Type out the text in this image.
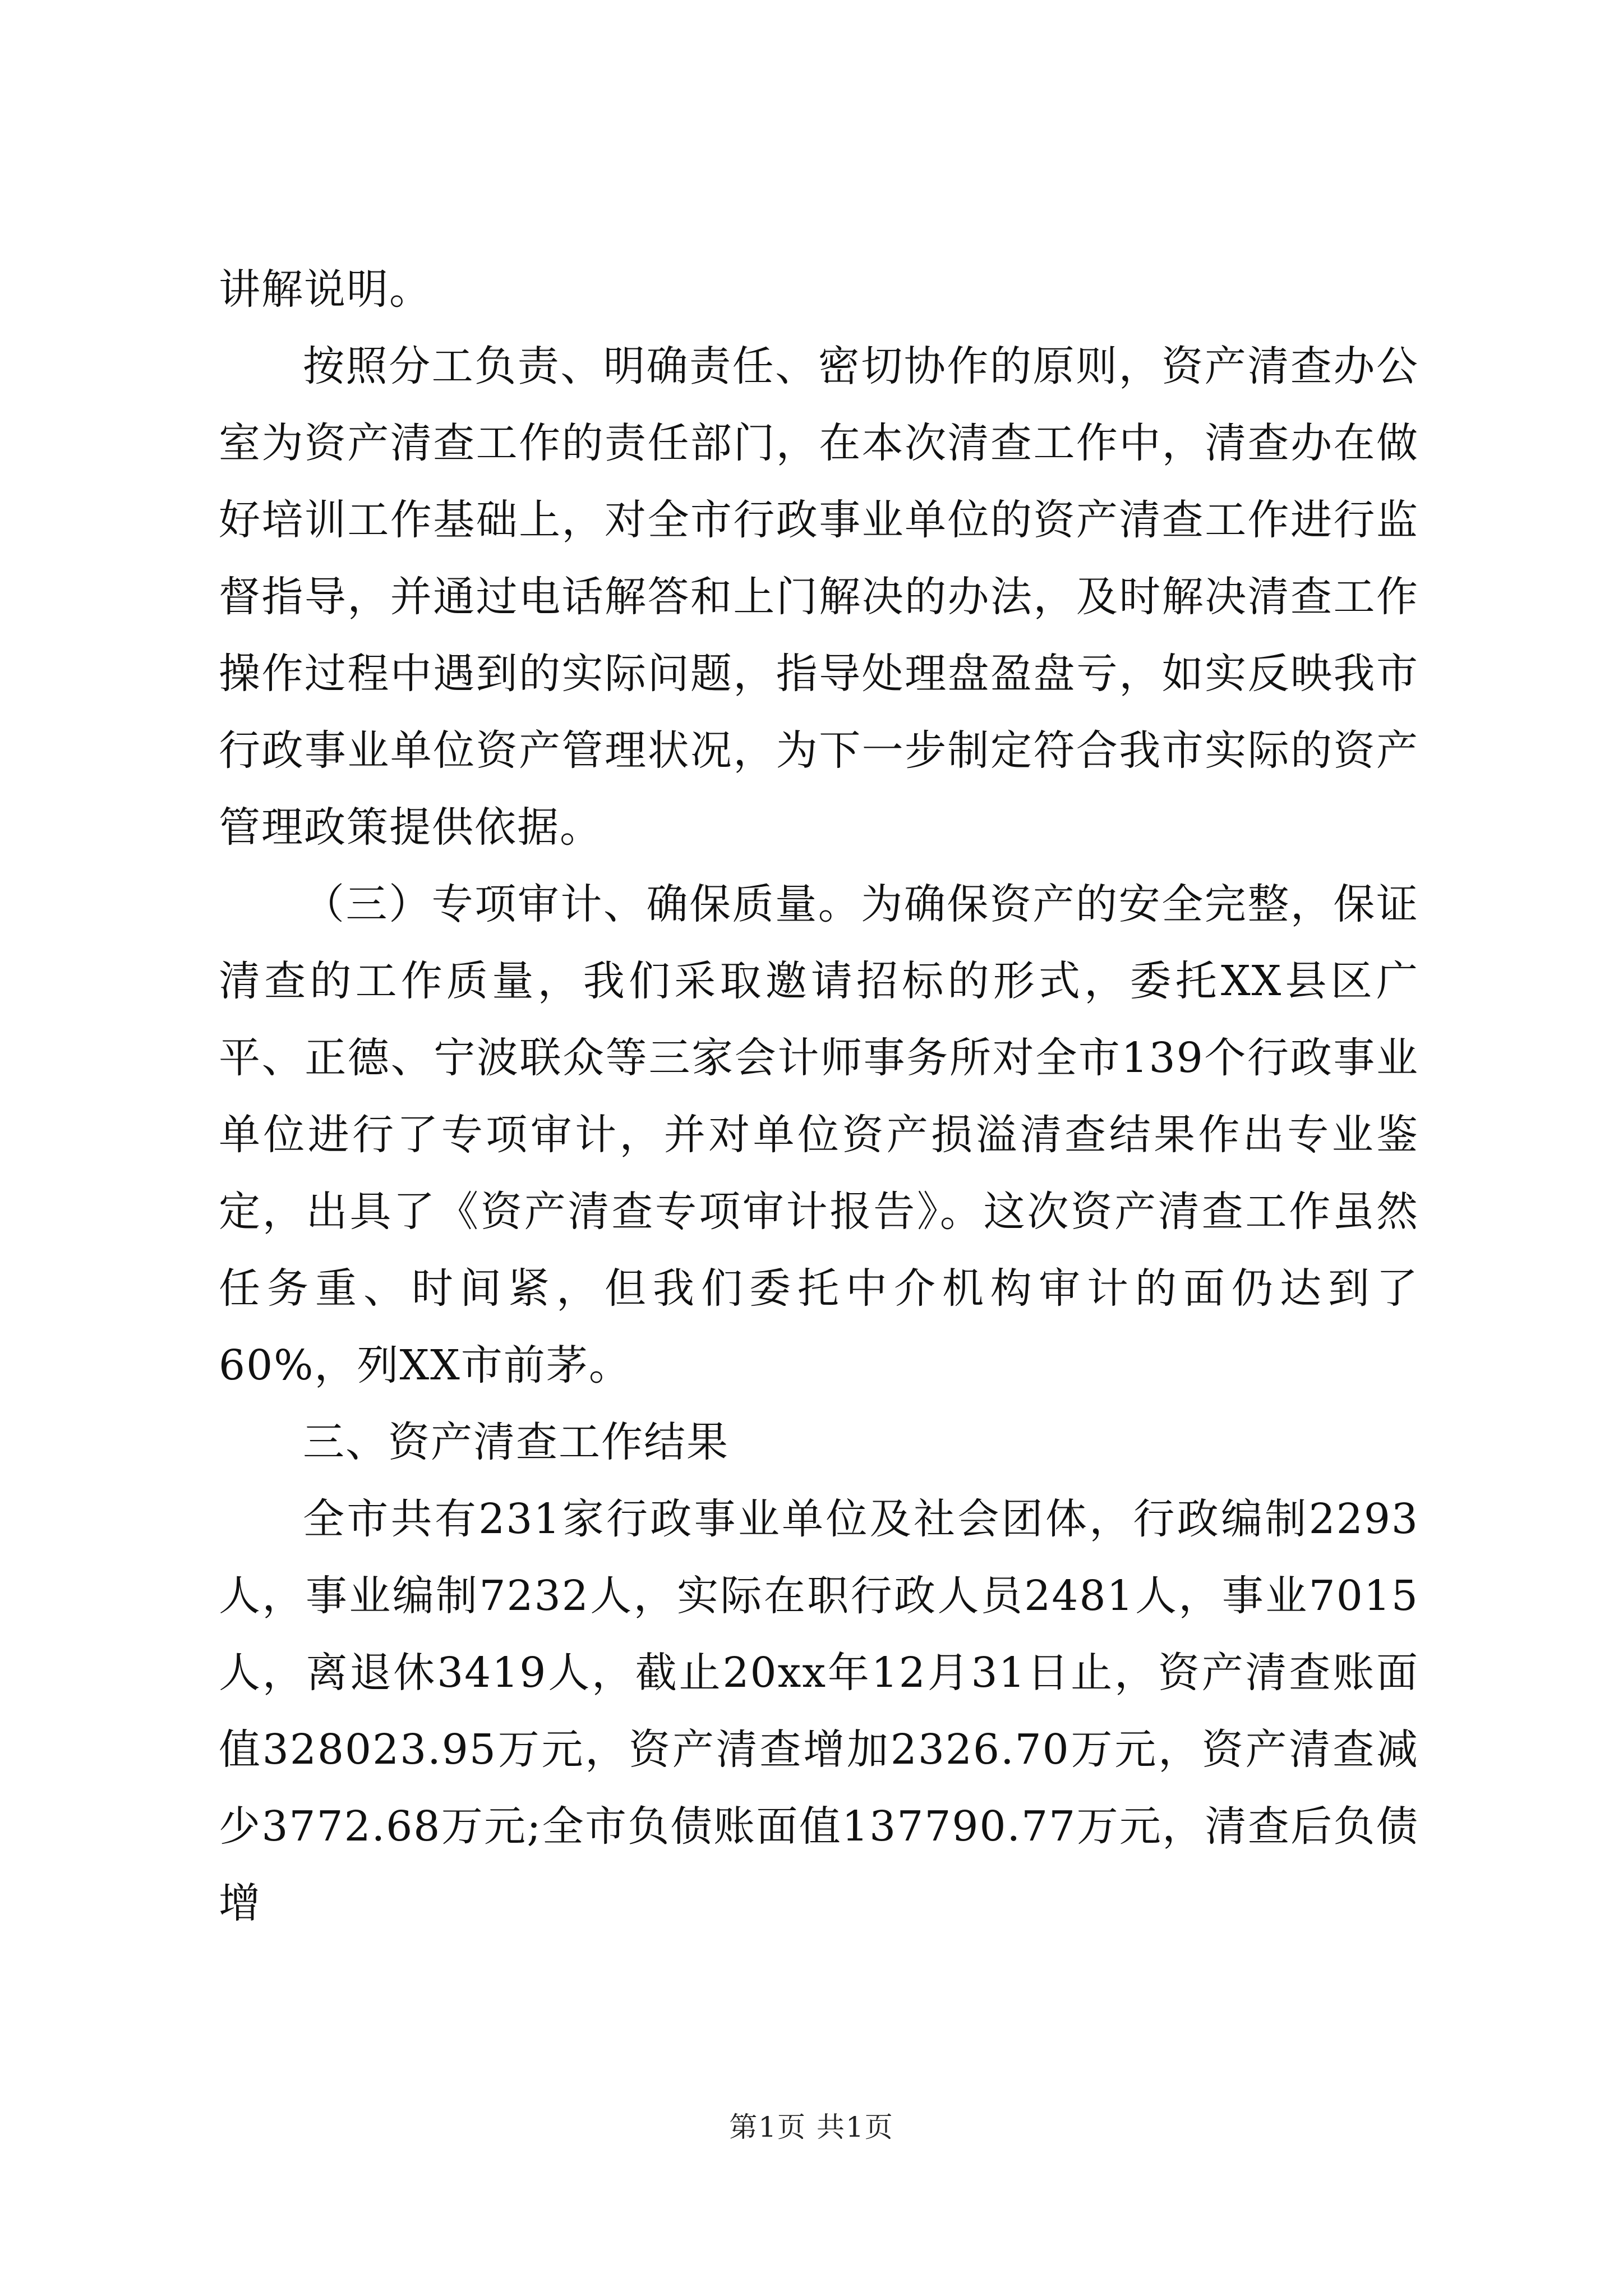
讲解说明。

按照分工负责、明确责任、密切协作的原则，资产清查办公室为资产清查工作的责任部门，在本次清查工作中，清查办在做好培训工作基础上，对全市行政事业单位的资产清查工作进行监督指导，并通过电话解答和上门解决的办法，及时解决清查工作操作过程中遇到的实际问题，指导处理盘盈盘亏，如实反映我市行政事业单位资产管理状况，为下一步制定符合我市实际的资产管理政策提供依据。

（三）专项审计、确保质量。为确保资产的安全完整，保证清查的工作质量，我们采取邀请招标的形式，委托XX县区广平、正德、宁波联众等三家会计师事务所对全市139个行政事业单位进行了专项审计，并对单位资产损溢清查结果作出专业鉴定，出具了《资产清查专项审计报告》。这次资产清查工作虽然任务重、时间紧，但我们委托中介机构审计的面仍达到了60%，列XX市前茅。

三、资产清查工作结果

全市共有231家行政事业单位及社会团体，行政编制2293人，事业编制7232人，实际在职行政人员2481人，事业7015人，离退休3419人，截止20xx年12月31日止，资产清查账面值328023.95万元，资产清查增加2326.70万元，资产清查减少3772.68万元;全市负债账面值137790.77万元，清查后负债增

第1页 共1页
